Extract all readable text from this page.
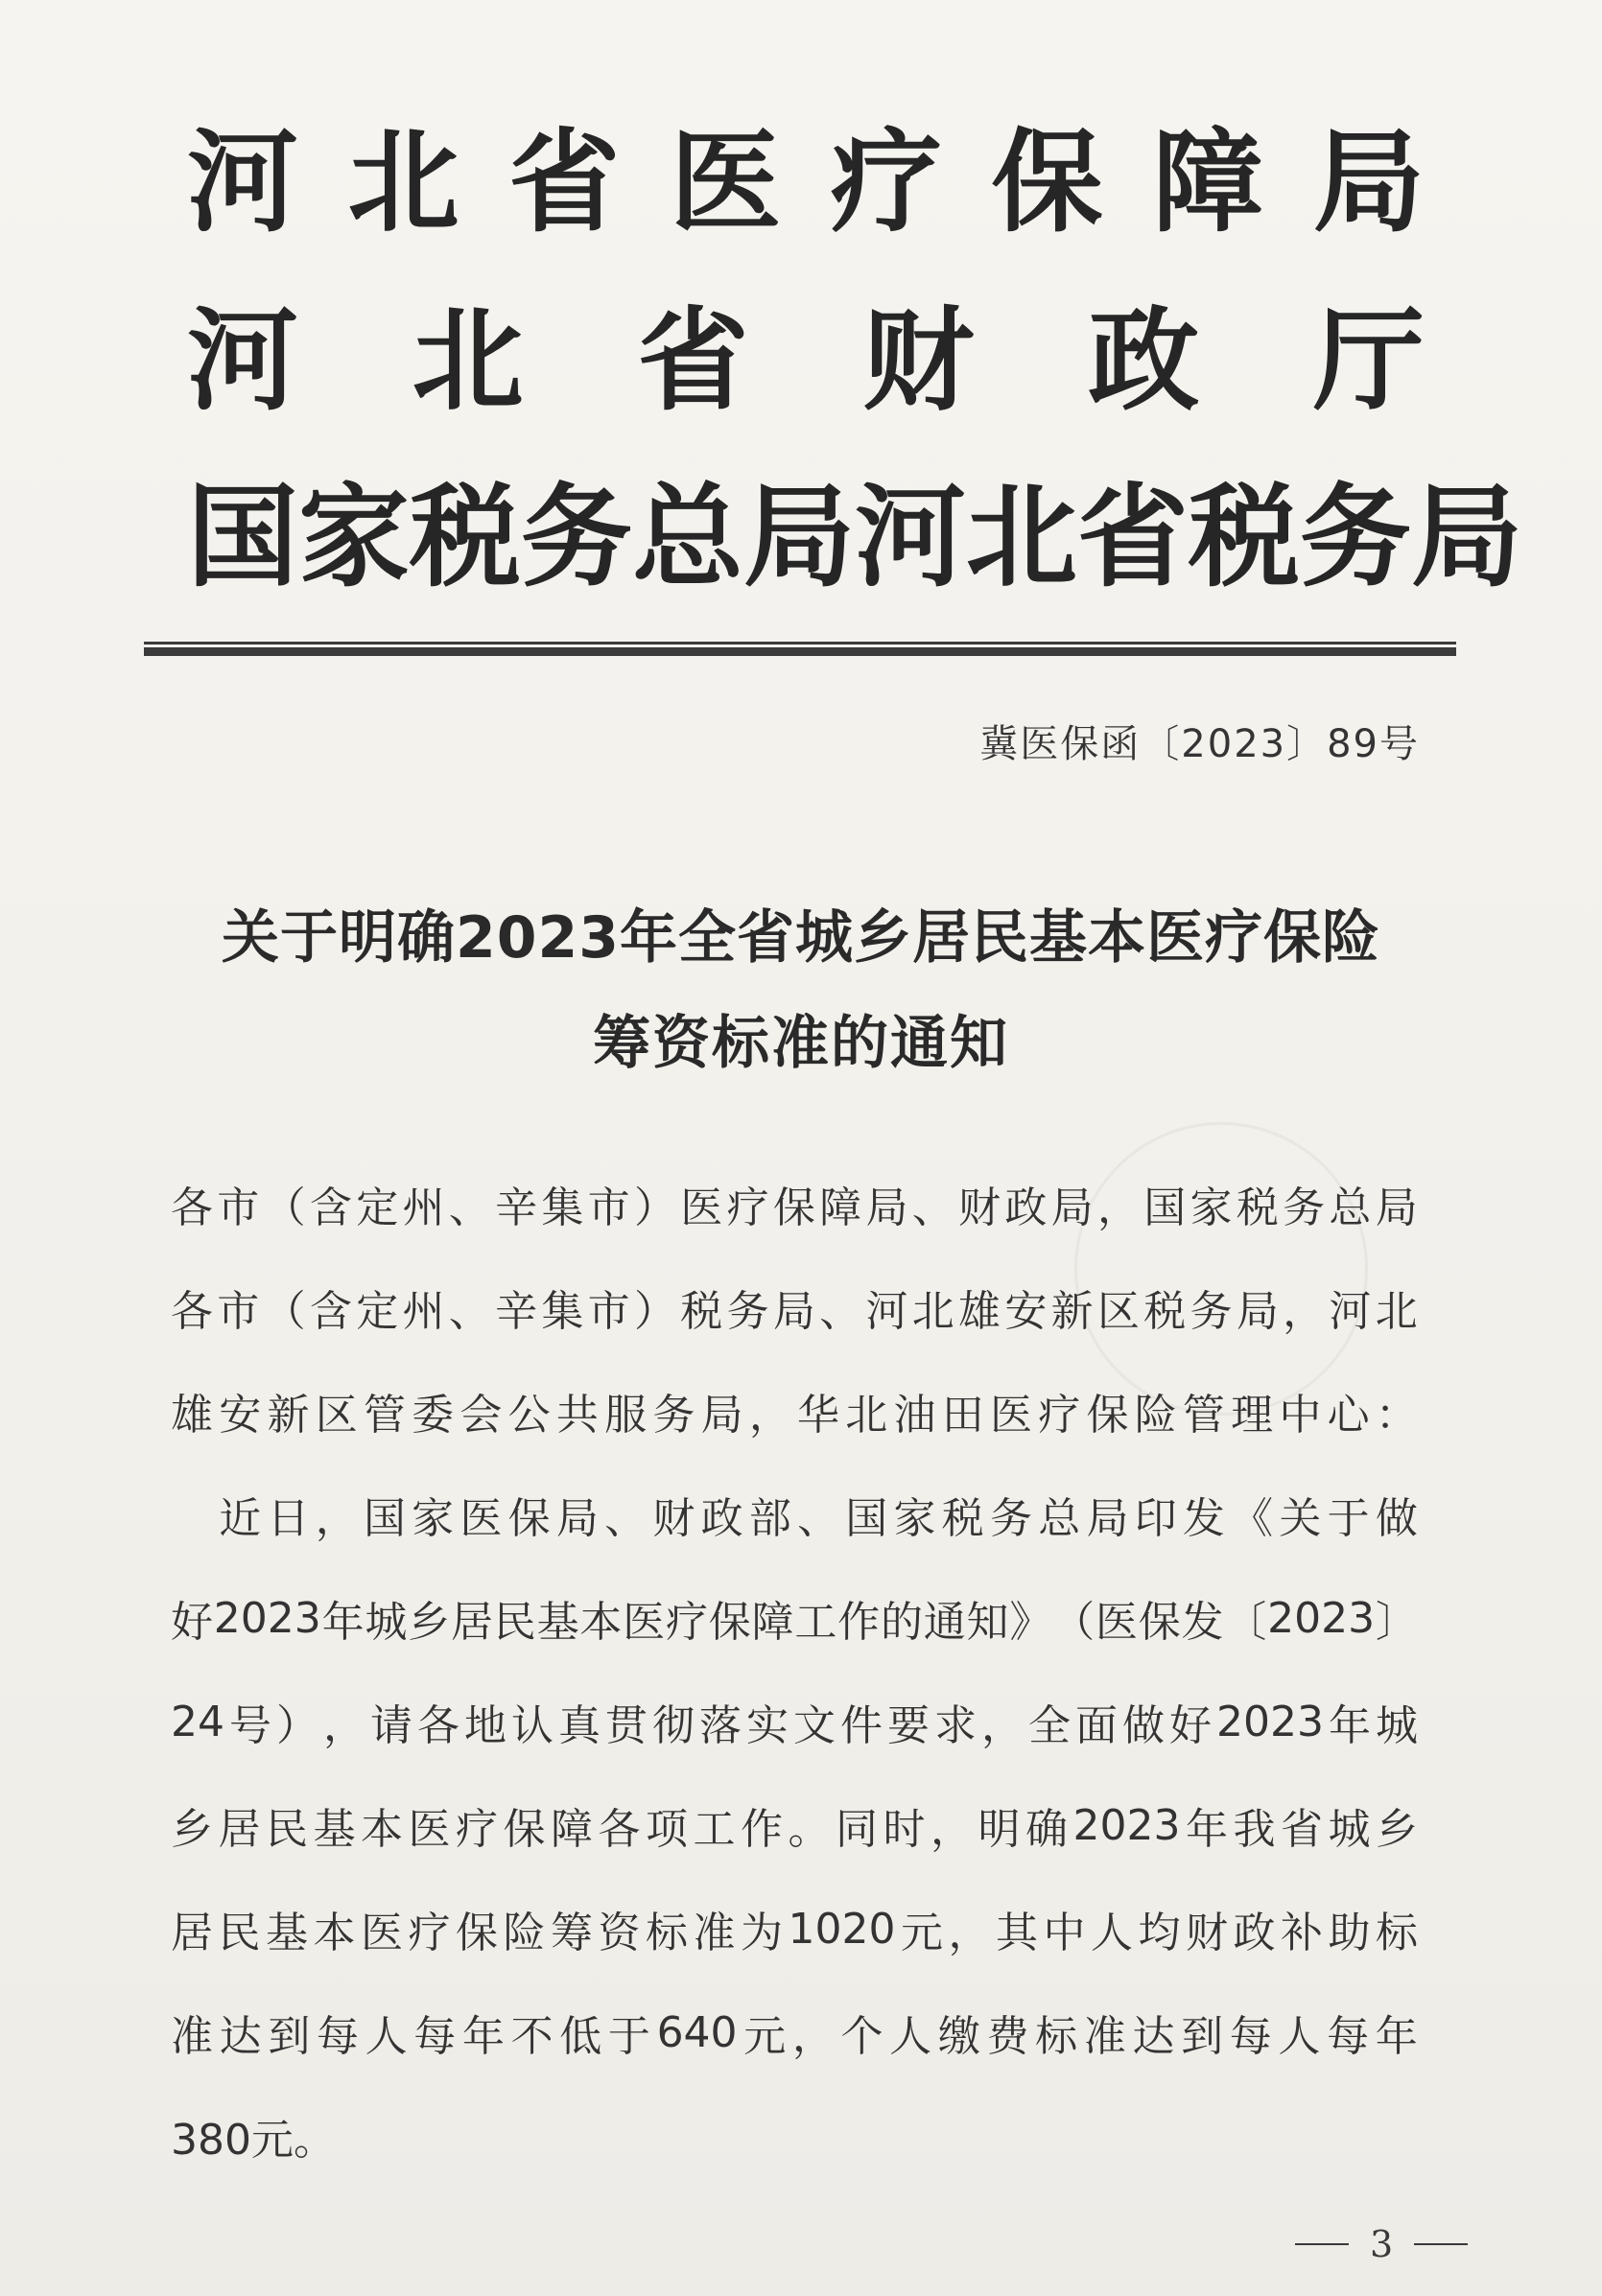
河 北 省 医 疗 保 障 局
河 北 省 财 政 厅
国 家 税 务 总 局 河 北 省 税 务 局
冀医保函〔2023〕89号
关于明确2023年全省城乡居民基本医疗保险
筹资标准的通知
各 市 （ 含 定 州 、 辛 集 市 ） 医 疗 保 障 局 、 财 政 局 ， 国 家 税 务 总 局
各 市 （ 含 定 州 、 辛 集 市 ） 税 务 局 、 河 北 雄 安 新 区 税 务 局 ， 河 北
雄 安 新 区 管 委 会 公 共 服 务 局 ， 华 北 油 田 医 疗 保 险 管 理 中 心 ：

近 日 ， 国 家 医 保 局 、 财 政 部 、 国 家 税 务 总 局 印 发 《 关 于 做
好 2023 年 城 乡 居 民 基 本 医 疗 保 障 工 作 的 通 知 》 （ 医 保 发 〔 2023 〕
24 号 ） ， 请 各 地 认 真 贯 彻 落 实 文 件 要 求 ， 全 面 做 好 2023 年 城
乡 居 民 基 本 医 疗 保 障 各 项 工 作 。 同 时 ， 明 确 2023 年 我 省 城 乡
居 民 基 本 医 疗 保 险 筹 资 标 准 为 1020 元 ， 其 中 人 均 财 政 补 助 标
准 达 到 每 人 每 年 不 低 于 640 元 ， 个 人 缴 费 标 准 达 到 每 人 每 年
380元。
3
